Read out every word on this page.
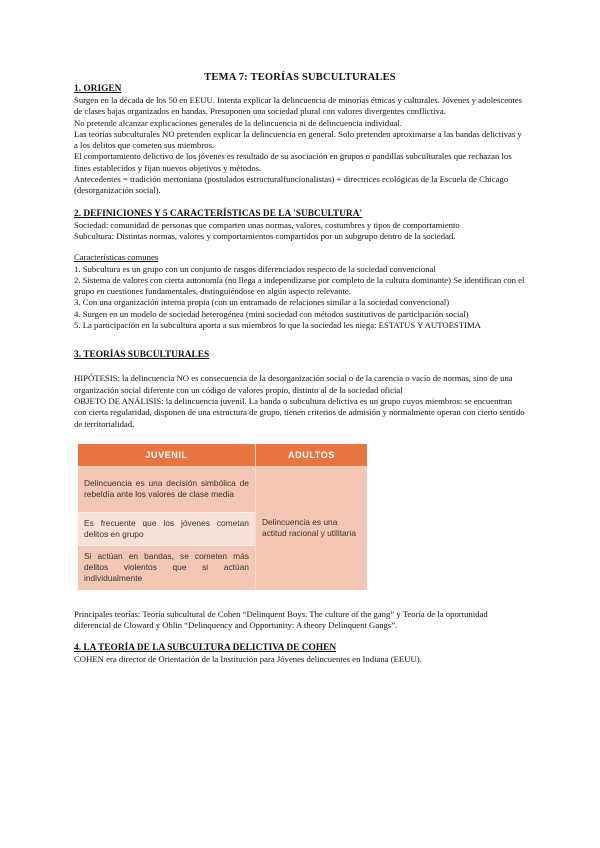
TEMA 7: TEORÍAS SUBCULTURALES
1. ORIGEN

Surgen en la década de los 50 en EEUU. Intenta explicar la delincuencia de minorías étnicas y culturales. Jóvenes y adolescentes de clases bajas organizados en bandas. Presuponen una sociedad plural con valores divergentes conflictiva.

No pretende alcanzar explicaciones generales de la delincuencia ni de delincuencia individual.

Las teorías subculturales NO pretenden explicar la delincuencia en general. Solo pretenden aproximarse a las bandas delictivas y a los delitos que cometen sus miembros.

El comportamiento delictivo de los jóvenes es resultado de su asociación en grupos o pandillas subculturales que rechazan los fines establecidos y fijan nuevos objetivos y métodos.

Antecedentes = tradición mertoniana (postulados estructuralfuncionalistas) + directrices ecológicas de la Escuela de Chicago (desorganización social).

2. DEFINICIONES Y 5 CARACTERÍSTICAS DE LA 'SUBCULTURA'

Sociedad: comunidad de personas que comparten unas normas, valores, costumbres y tipos de comportamiento

Subcultura: Distintas normas, valores y comportamientos compartidos por un subgrupo dentro de la sociedad.

Características comunes

1. Subcultura es un grupo con un conjunto de rasgos diferenciados respecto de la sociedad convencional

2. Sistema de valores con cierta autonomía (no llega a independizarse por completo de la cultura dominante) Se identifican con el grupo en cuestiones fundamentales, distinguiéndose en algún aspecto relevante.

3. Con una organización interna propia (con un entramado de relaciones similar a la sociedad convencional)

4. Surgen en un modelo de sociedad heterogénea (mini sociedad con métodos sustitutivos de participación social)

5. La participación en la subcultura aporta a sus miembros lo que la sociedad les niega: ESTATUS Y AUTOESTIMA

3. TEORÍAS SUBCULTURALES

HIPÓTESIS: la delincuencia NO es consecuencia de la desorganización social o de la carencia o vacío de normas, sino de una organización social diferente con un código de valores propio, distinto al de la sociedad oficial

OBJETO DE ANÁLISIS: la delincuencia juvenil. La banda o subcultura delictiva es un grupo cuyos miembros: se encuentran con cierta regularidad, disponen de una estructura de grupo, tienen criterios de admisión y normalmente operan con cierto sentido de territorialidad.

JUVENIL	ADULTOS
Delincuencia es una decisión simbólica de rebeldía ante los valores de clase media	Delincuencia es una actitud racional y utilitaria
Es frecuente que los jóvenes cometan delitos en grupo	
Si actúan en bandas, se cometen más delitos violentos que si actúan individualmente	

Principales teorías: Teoría subcultural de Cohen “Delinquent Boys. The culture of the gang” y Teoría de la oportunidad diferencial de Cloward y Ohlin “Delinquency and Opportunity: A theory Delinquent Gangs”.

4. LA TEORÍA DE LA SUBCULTURA DELICTIVA DE COHEN

COHEN era director de Orientación de la Institución para Jóvenes delincuentes en Indiana (EEUU).
